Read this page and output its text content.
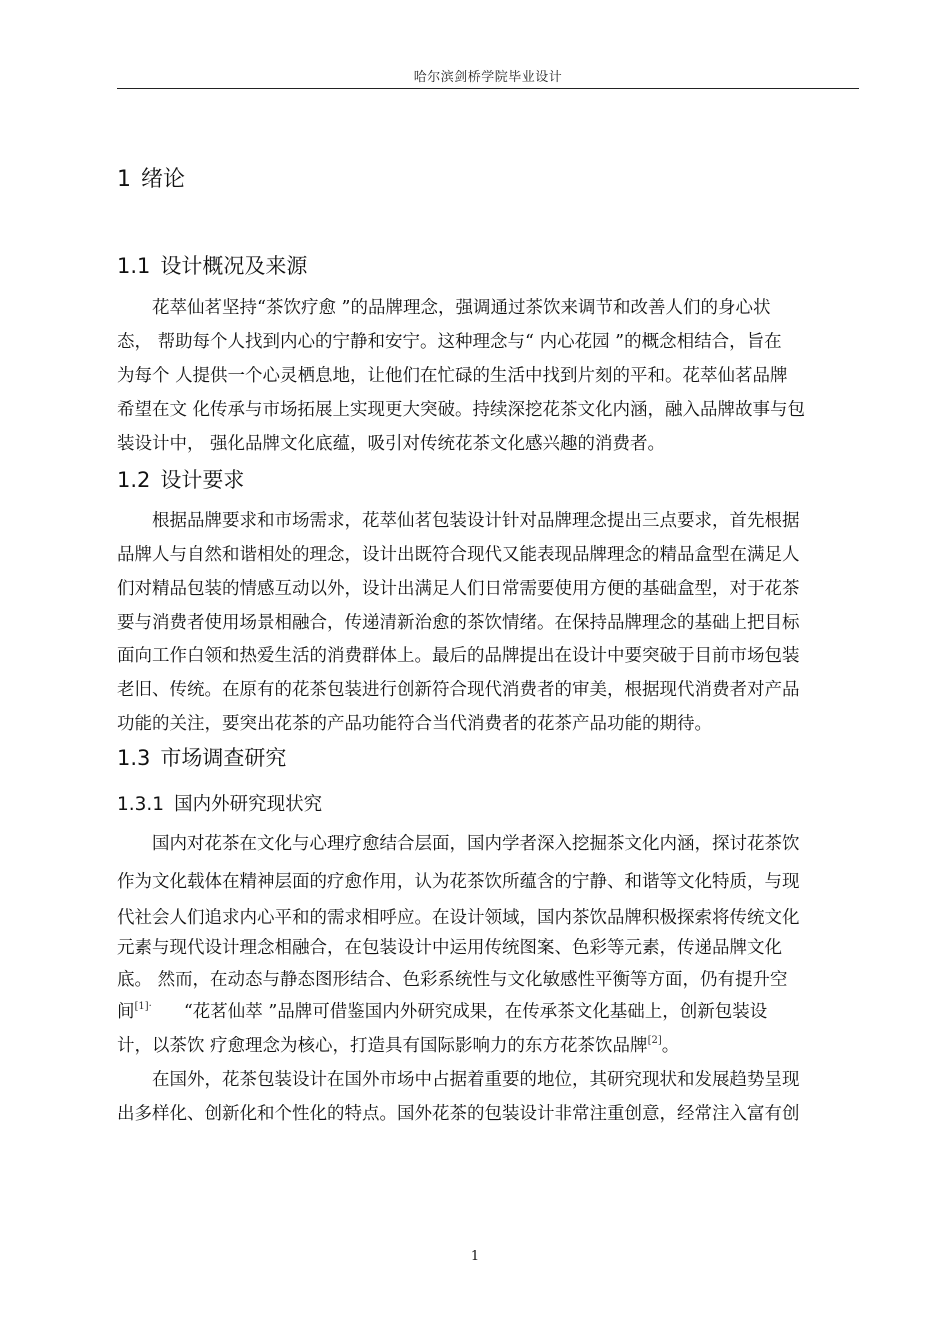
哈尔滨剑桥学院毕业设计
1 绪论
1.1 设计概况及来源
花萃仙茗坚持“茶饮疗愈 ”的品牌理念，强调通过茶饮来调节和改善人们的身心状
态， 帮助每个人找到内心的宁静和安宁。这种理念与“ 内心花园 ”的概念相结合，旨在
为每个 人提供一个心灵栖息地，让他们在忙碌的生活中找到片刻的平和。花萃仙茗品牌
希望在文 化传承与市场拓展上实现更大突破。持续深挖花茶文化内涵，融入品牌故事与包
装设计中， 强化品牌文化底蕴，吸引对传统花茶文化感兴趣的消费者。
1.2 设计要求
根据品牌要求和市场需求，花萃仙茗包装设计针对品牌理念提出三点要求，首先根据
品牌人与自然和谐相处的理念，设计出既符合现代又能表现品牌理念的精品盒型在满足人
们对精品包装的情感互动以外，设计出满足人们日常需要使用方便的基础盒型，对于花茶
要与消费者使用场景相融合，传递清新治愈的茶饮情绪。在保持品牌理念的基础上把目标
面向工作白领和热爱生活的消费群体上。最后的品牌提出在设计中要突破于目前市场包装
老旧、传统。在原有的花茶包装进行创新符合现代消费者的审美，根据现代消费者对产品
功能的关注，要突出花茶的产品功能符合当代消费者的花茶产品功能的期待。
1.3 市场调查研究
1.3.1 国内外研究现状究
国内对花茶在文化与心理疗愈结合层面，国内学者深入挖掘茶文化内涵，探讨花茶饮
作为文化载体在精神层面的疗愈作用，认为花茶饮所蕴含的宁静、和谐等文化特质，与现
代社会人们追求内心平和的需求相呼应。在设计领域，国内茶饮品牌积极探索将传统文化
元素与现代设计理念相融合，在包装设计中运用传统图案、色彩等元素，传递品牌文化
底。 然而，在动态与静态图形结合、色彩系统性与文化敏感性平衡等方面，仍有提升空
间$^{[1]\cdot}$ “花茗仙萃 ”品牌可借鉴国内外研究成果，在传承茶文化基础上，创新包装设
计，以茶饮 疗愈理念为核心，打造具有国际影响力的东方花茶饮品牌[2]。
在国外，花茶包装设计在国外市场中占据着重要的地位，其研究现状和发展趋势呈现
出多样化、创新化和个性化的特点。国外花茶的包装设计非常注重创意，经常注入富有创
1
